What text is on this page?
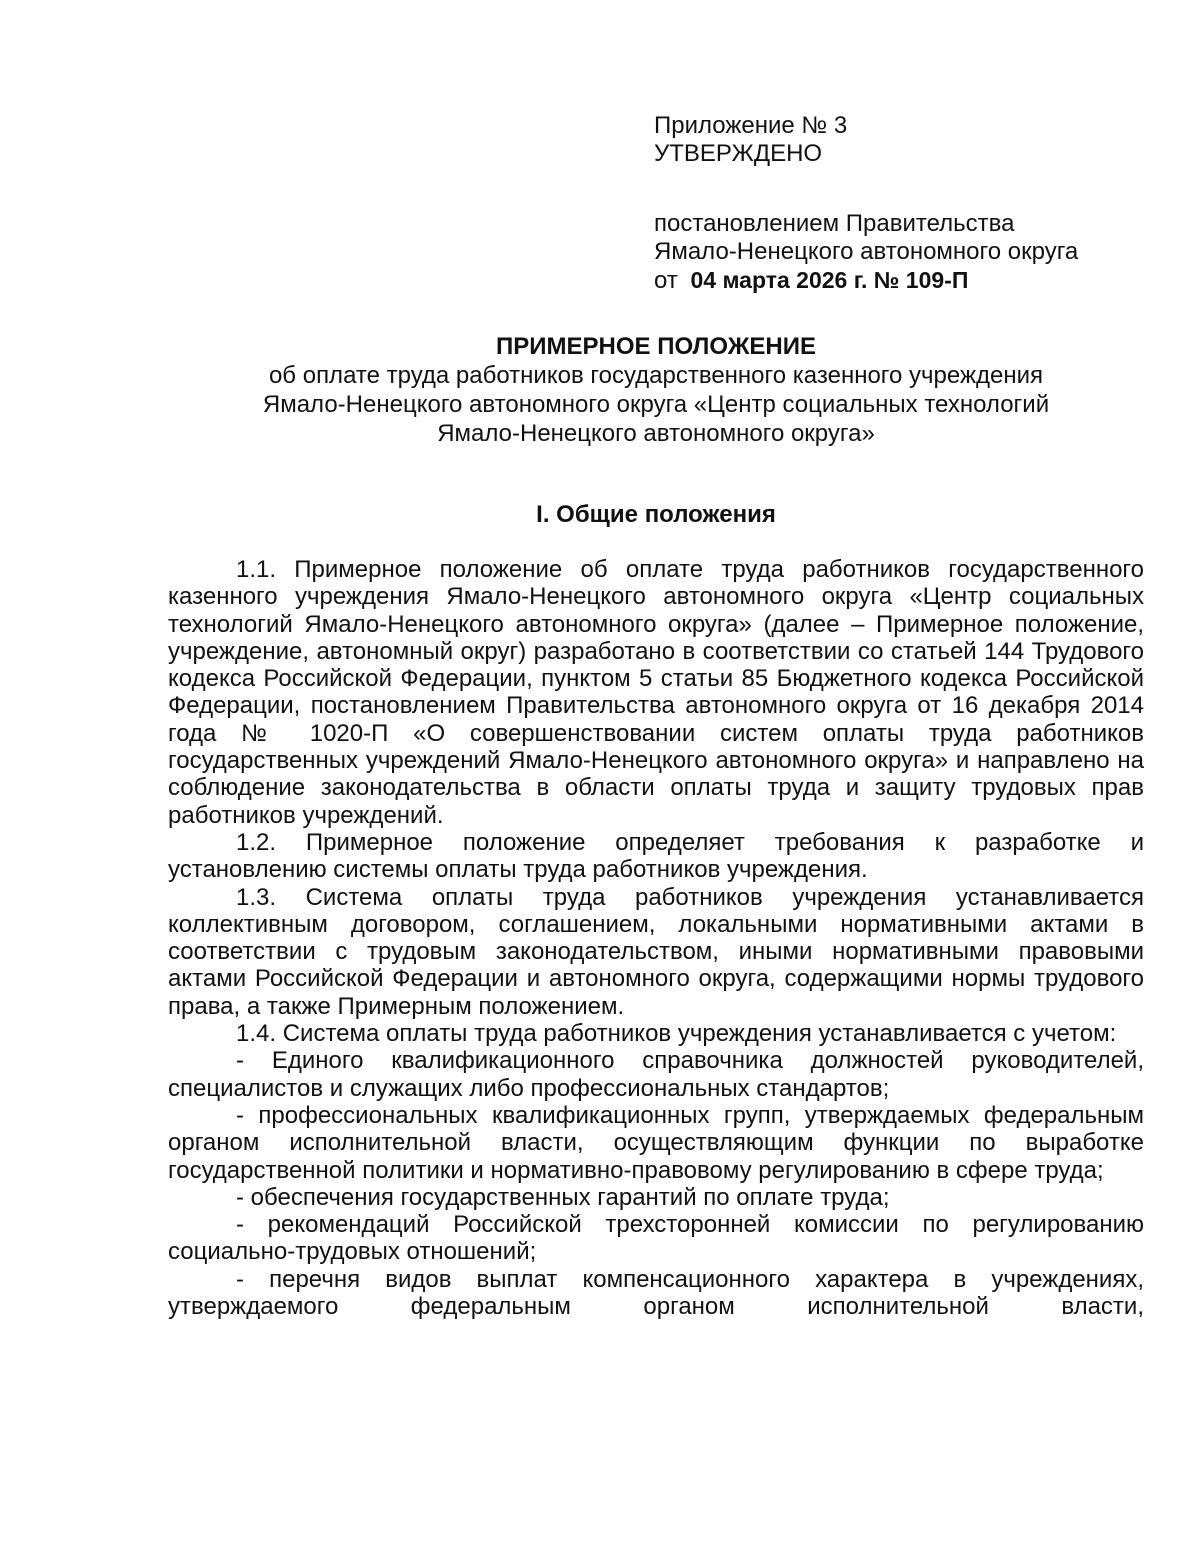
Приложение № 3
УТВЕРЖДЕНО
постановлением Правительства
Ямало-Ненецкого автономного округа
от 04 марта 2026 г. № 109-П
ПРИМЕРНОЕ ПОЛОЖЕНИЕ
об оплате труда работников государственного казенного учреждения
Ямало-Ненецкого автономного округа «Центр социальных технологий
Ямало-Ненецкого автономного округа»
I. Общие положения

1.1. Примерное положение об оплате труда работников государственного казенного учреждения Ямало-Ненецкого автономного округа «Центр социальных технологий Ямало-Ненецкого автономного округа» (далее – Примерное положение, учреждение, автономный округ) разработано в соответствии со статьей 144 Трудового кодекса Российской Федерации, пунктом 5 статьи 85 Бюджетного кодекса Российской Федерации, постановлением Правительства автономного округа от 16 декабря 2014 года № 1020-П «О совершенствовании систем оплаты труда работников государственных учреждений Ямало-Ненецкого автономного округа» и направлено на соблюдение законодательства в области оплаты труда и защиту трудовых прав работников учреждений.

1.2. Примерное положение определяет требования к разработке и установлению системы оплаты труда работников учреждения.

1.3. Система оплаты труда работников учреждения устанавливается коллективным договором, соглашением, локальными нормативными актами в соответствии с трудовым законодательством, иными нормативными правовыми актами Российской Федерации и автономного округа, содержащими нормы трудового права, а также Примерным положением.

1.4. Система оплаты труда работников учреждения устанавливается с учетом:

- Единого квалификационного справочника должностей руководителей, специалистов и служащих либо профессиональных стандартов;

- профессиональных квалификационных групп, утверждаемых федеральным органом исполнительной власти, осуществляющим функции по выработке государственной политики и нормативно-правовому регулированию в сфере труда;

- обеспечения государственных гарантий по оплате труда;

- рекомендаций Российской трехсторонней комиссии по регулированию социально-трудовых отношений;

- перечня видов выплат компенсационного характера в учреждениях, утверждаемого федеральным органом исполнительной власти,
